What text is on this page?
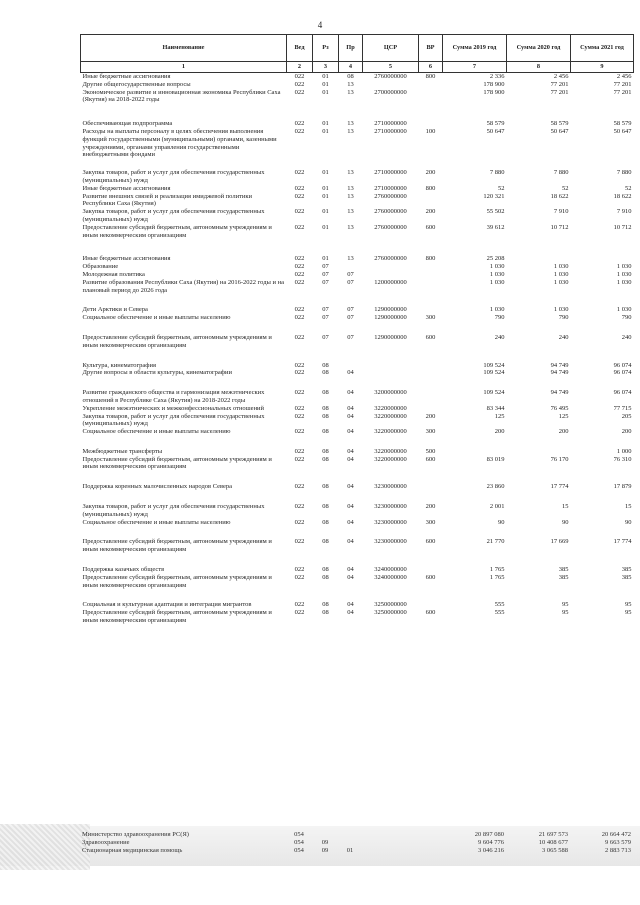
4
Наименование	Вед	Рз	Пр	ЦСР	ВР	Сумма 2019 год	Сумма 2020 год	Сумма 2021 год
1	2	3	4	5	6	7	8	9
Иные бюджетные ассигнования	022	01	08	2760000000	800	2 336	2 456	2 456
Другие общегосударственные вопросы	022	01	13			178 900	77 201	77 201
Экономическое развитие и инновационная экономика Республики Саха (Якутия) на 2018-2022 годы	022	01	13	2700000000		178 900	77 201	77 201
Обеспечивающая подпрограмма	022	01	13	2710000000		58 579	58 579	58 579
Расходы на выплаты персоналу в целях обеспечения выполнения функций государственными (муниципальными) органами, казенными учреждениями, органами управления государственными внебюджетными фондами	022	01	13	2710000000	100	50 647	50 647	50 647
Закупка товаров, работ и услуг для обеспечения государственных (муниципальных) нужд	022	01	13	2710000000	200	7 880	7 880	7 880
Иные бюджетные ассигнования	022	01	13	2710000000	800	52	52	52
Развитие внешних связей и реализация имиджевой политики Республики Саха (Якутия)	022	01	13	2760000000		120 321	18 622	18 622
Закупка товаров, работ и услуг для обеспечения государственных (муниципальных) нужд	022	01	13	2760000000	200	55 502	7 910	7 910
Предоставление субсидий бюджетным, автономным учреждениям и иным некоммерческим организациям	022	01	13	2760000000	600	39 612	10 712	10 712
Иные бюджетные ассигнования	022	01	13	2760000000	800	25 208		
Образование	022	07				1 030	1 030	1 030
Молодежная политика	022	07	07			1 030	1 030	1 030
Развитие образования Республики Саха (Якутия) на 2016-2022 годы и на плановый период до 2026 года	022	07	07	1200000000		1 030	1 030	1 030
Дети Арктики и Севера	022	07	07	1290000000		1 030	1 030	1 030
Социальное обеспечение и иные выплаты населению	022	07	07	1290000000	300	790	790	790
Предоставление субсидий бюджетным, автономным учреждениям и иным некоммерческим организациям	022	07	07	1290000000	600	240	240	240
Культура, кинематография	022	08				109 524	94 749	96 074
Другие вопросы в области культуры, кинематографии	022	08	04			109 524	94 749	96 074
Развитие гражданского общества и гармонизация межэтнических отношений в Республике Саха (Якутия) на 2018-2022 годы	022	08	04	3200000000		109 524	94 749	96 074
Укрепление межэтнических и межконфессиональных отношений	022	08	04	3220000000		83 344	76 495	77 715
Закупка товаров, работ и услуг для обеспечения государственных (муниципальных) нужд	022	08	04	3220000000	200	125	125	205
Социальное обеспечение и иные выплаты населению	022	08	04	3220000000	300	200	200	200
Межбюджетные трансферты	022	08	04	3220000000	500			1 000
Предоставление субсидий бюджетным, автономным учреждениям и иным некоммерческим организациям	022	08	04	3220000000	600	83 019	76 170	76 310
Поддержка коренных малочисленных народов Севера	022	08	04	3230000000		23 860	17 774	17 879
Закупка товаров, работ и услуг для обеспечения государственных (муниципальных) нужд	022	08	04	3230000000	200	2 001	15	15
Социальное обеспечение и иные выплаты населению	022	08	04	3230000000	300	90	90	90
Предоставление субсидий бюджетным, автономным учреждениям и иным некоммерческим организациям	022	08	04	3230000000	600	21 770	17 669	17 774
Поддержка казачьих обществ	022	08	04	3240000000		1 765	385	385
Предоставление субсидий бюджетным, автономным учреждениям и иным некоммерческим организациям	022	08	04	3240000000	600	1 765	385	385
Социальная и культурная адаптация и интеграция мигрантов	022	08	04	3250000000		555	95	95
Предоставление субсидий бюджетным, автономным учреждениям и иным некоммерческим организациям	022	08	04	3250000000	600	555	95	95
Министерство здравоохранения РС(Я)	054					20 897 080	21 697 573	20 664 472
Здравоохранение	054	09				9 604 776	10 408 677	9 663 579
Стационарная медицинская помощь	054	09	01			3 046 216	3 065 588	2 883 713
